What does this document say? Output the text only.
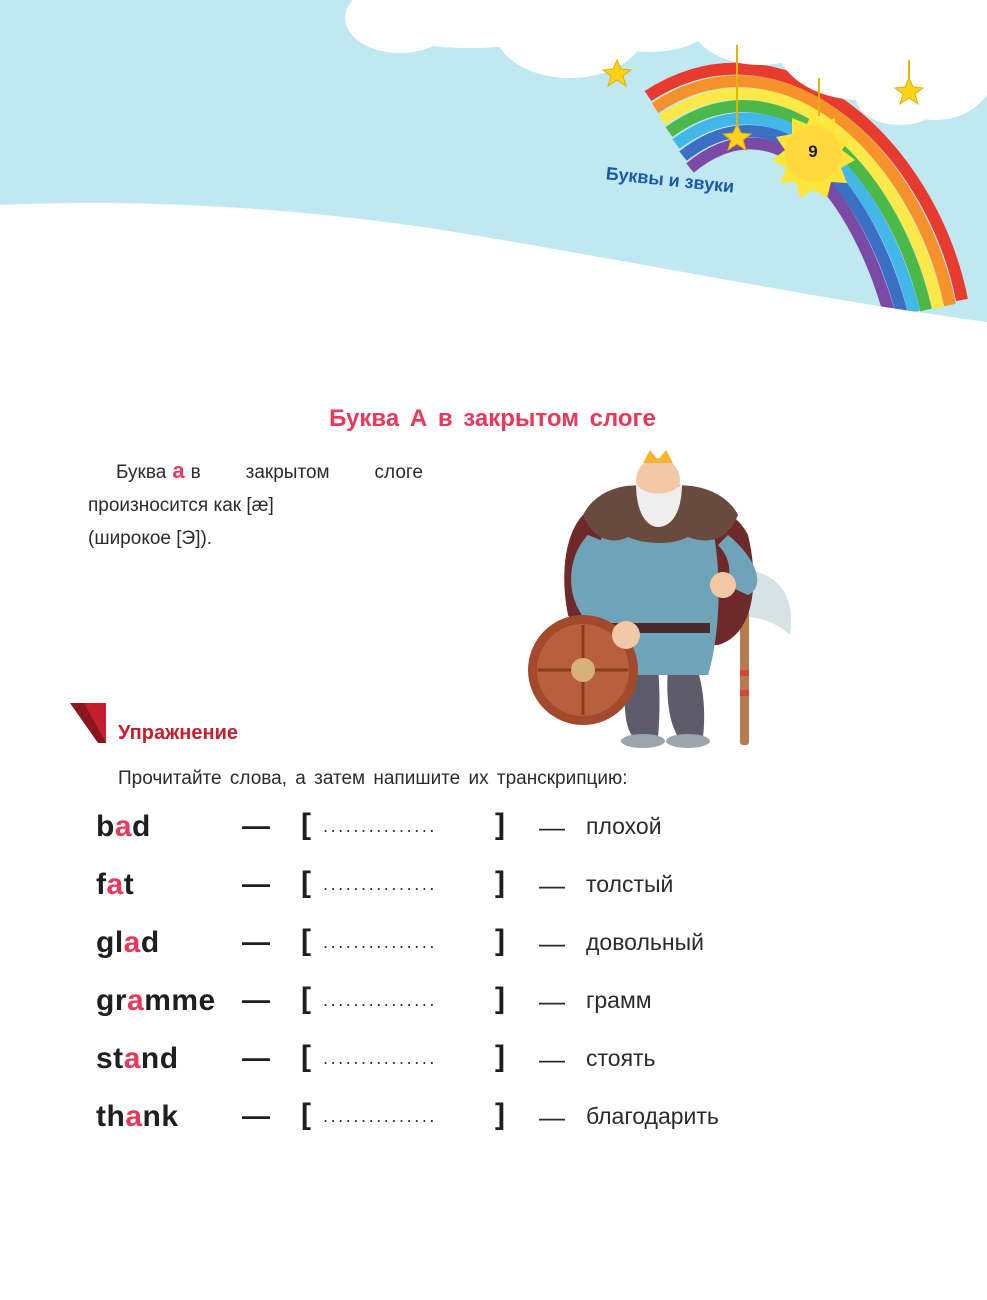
Буквы и звуки
9
Буква А в закрытом слоге

Буква a в закрытом слоге

произносится как [æ]

(широкое [Э]).

Упражнение
Прочитайте слова, а затем напишите их транскрипцию:
bad	— [ ............... ] — плохой
fat	— [ ............... ] — толстый
glad	— [ ............... ] — довольный
gramme — [ ............... ] — грамм
stand — [ ............... ] — стоять
thank — [ ............... ] — благодарить
